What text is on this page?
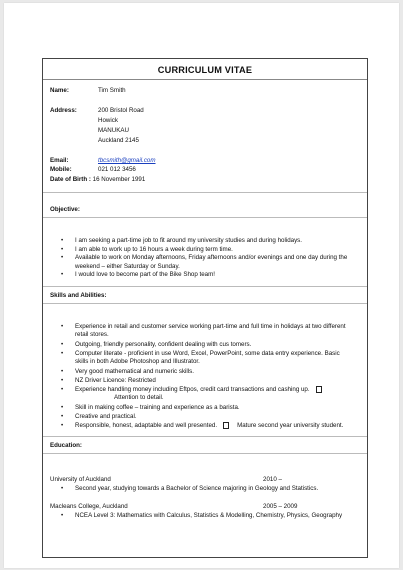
CURRICULUM VITAE
Name:	Tim Smith
Address:	200 Bristol Road
Howick
MANUKAU
Auckland 2145
Email:	tbcsmith@gmail.com
Mobile:	021 012 3456
Date of Birth : 16 November 1991
Objective:
• I am seeking a part-time job to fit around my university studies and during holidays.
• I am able to work up to 16 hours a week during term time.
• Available to work on Monday afternoons, Friday afternoons and/or evenings and one day during the
weekend – either Saturday or Sunday.
• I would love to become part of the Bike Shop team!
Skills and Abilities:
• Experience in retail and customer service working part-time and full time in holidays at two different
retail stores.
• Outgoing, friendly personality, confident dealing with cus tomers.
• Computer literate - proficient in use Word, Excel, PowerPoint, some data entry experience. Basic
skills in both Adobe Photoshop and Illustrator.
• Very good mathematical and numeric skills.
• NZ Driver Licence: Restricted
• Experience handling money including Eftpos, credit card transactions and cashing up.
Attention to detail.
• Skill in making coffee – training and experience as a barista.
• Creative and practical.
• Responsible, honest, adaptable and well presented.	Mature second year university student.
Education:
University of Auckland	2010 –
• Second year, studying towards a Bachelor of Science majoring in Geology and Statistics.
Macleans College, Auckland	2005 – 2009
• NCEA Level 3: Mathematics with Calculus, Statistics & Modelling, Chemistry, Physics, Geography
